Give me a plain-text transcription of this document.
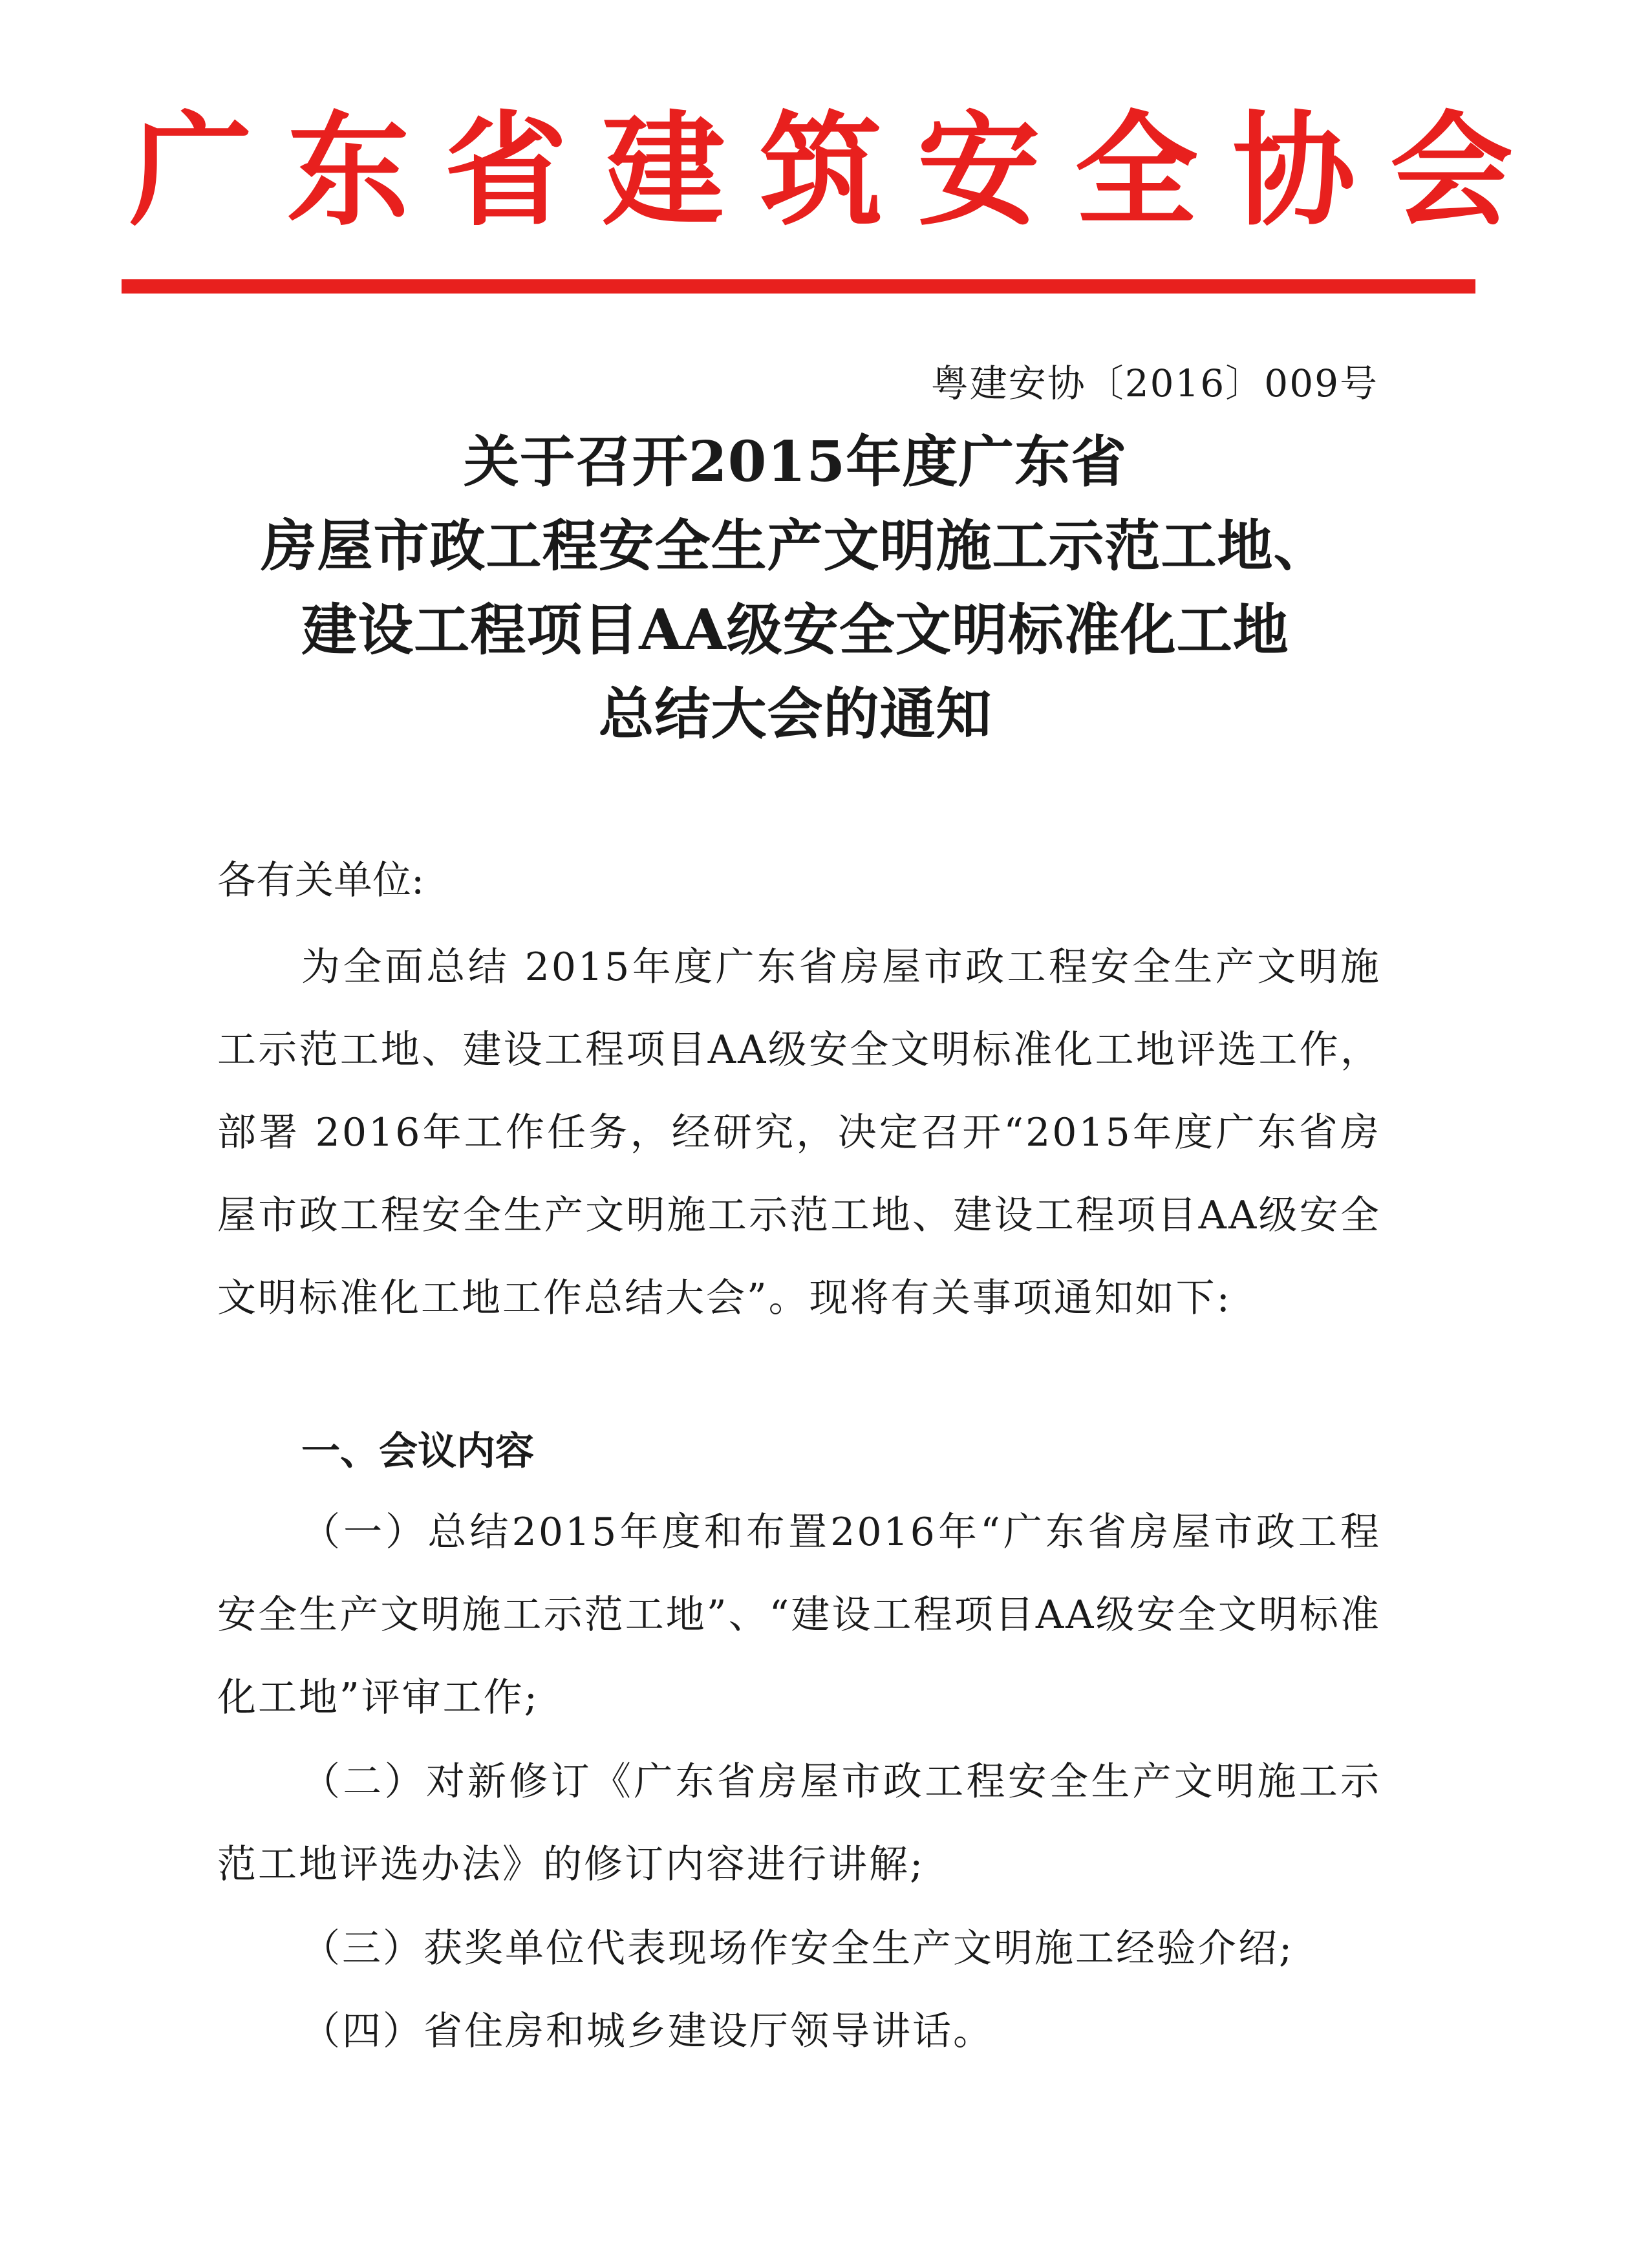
广 东 省 建 筑 安 全 协 会
粤建安协〔2016〕009号
关于召开2015年度广东省
房屋市政工程安全生产文明施工示范工地、
建设工程项目AA级安全文明标准化工地
总结大会的通知
各有关单位:
为全面总结 2015年度广东省房屋市政工程安全生产文明施工示范工地、建设工程项目AA级安全文明标准化工地评选工作，部署 2016年工作任务，经研究，决定召开“2015年度广东省房屋市政工程安全生产文明施工示范工地、建设工程项目AA级安全文明标准化工地工作总结大会”。现将有关事项通知如下:
一、会议内容
（一）总结2015年度和布置2016年“广东省房屋市政工程安全生产文明施工示范工地”、“建设工程项目AA级安全文明标准化工地”评审工作;
（二）对新修订《广东省房屋市政工程安全生产文明施工示范工地评选办法》的修订内容进行讲解;
（三）获奖单位代表现场作安全生产文明施工经验介绍;
（四）省住房和城乡建设厅领导讲话。
